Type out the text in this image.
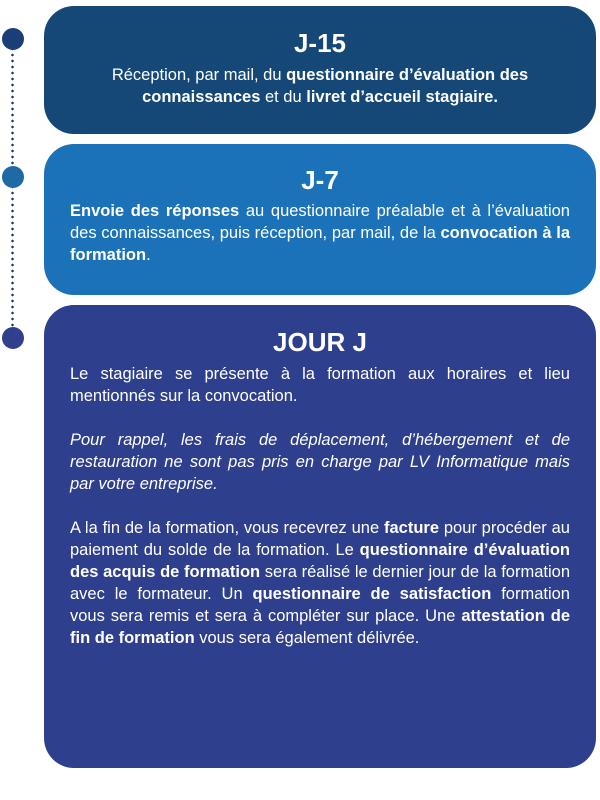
J-15

Réception, par mail, du questionnaire d’évaluation des connaissances et du livret d’accueil stagiaire.

J-7

Envoie des réponses au questionnaire préalable et à l’évaluation des connaissances, puis réception, par mail, de la convocation à la formation.

JOUR J

Le stagiaire se présente à la formation aux horaires et lieu mentionnés sur la convocation.

Pour rappel, les frais de déplacement, d’hébergement et de restauration ne sont pas pris en charge par LV Informatique mais par votre entreprise.

A la fin de la formation, vous recevrez une facture pour procéder au paiement du solde de la formation. Le questionnaire d’évaluation des acquis de formation sera réalisé le dernier jour de la formation avec le formateur. Un questionnaire de satisfaction formation vous sera remis et sera à compléter sur place. Une attestation de fin de formation vous sera également délivrée.
